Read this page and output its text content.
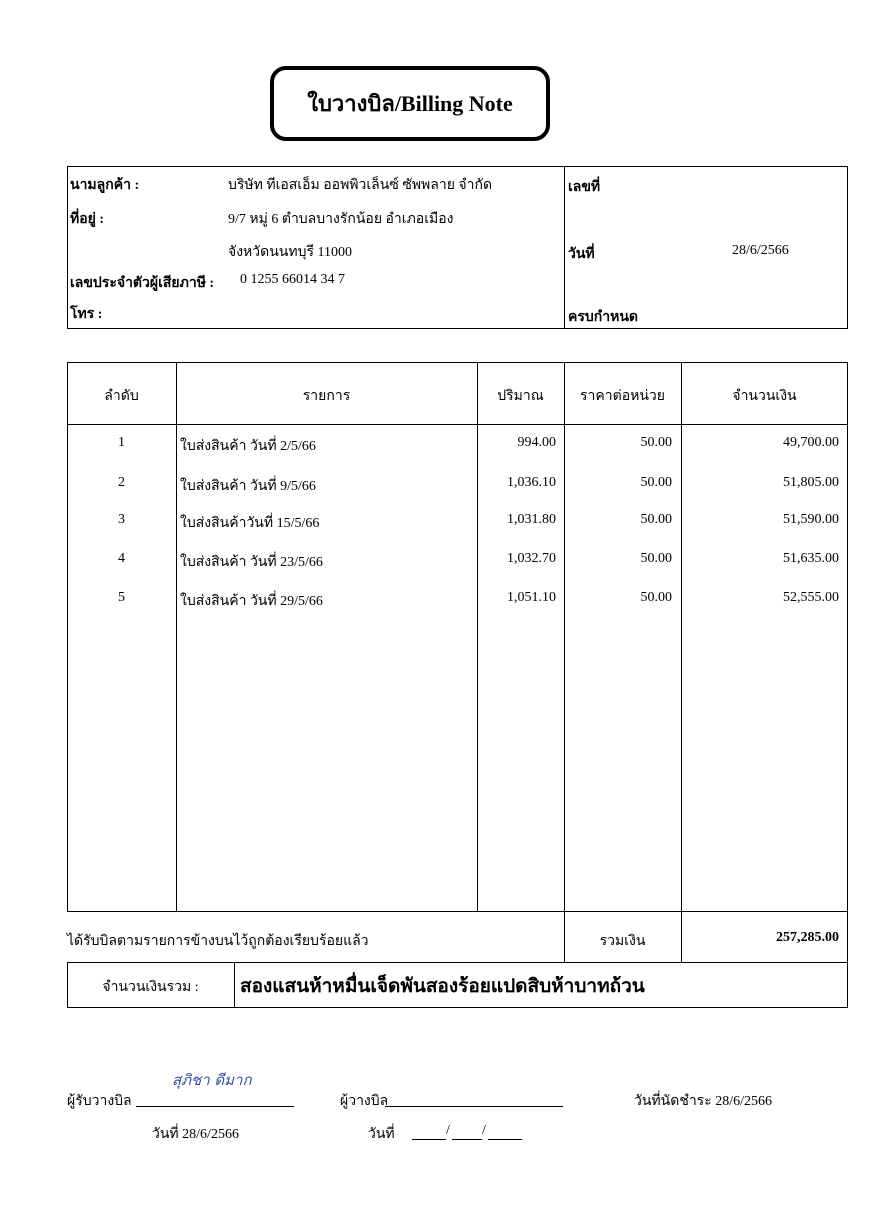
ใบวางบิล/Billing Note
นามลูกค้า :	บริษัท ทีเอสเอ็ม ออพพิวเล็นซ์ ซัพพลาย จำกัด
ที่อยู่ :	9/7 หมู่ 6 ตำบลบางรักน้อย อำเภอเมือง
จังหวัดนนทบุรี 11000
เลขประจำตัวผู้เสียภาษี : 0 1255 66014 34 7
โทร :
เลขที่
วันที่	28/6/2566
ครบกำหนด
ลำดับ	รายการ	ปริมาณ	ราคาต่อหน่วย	จำนวนเงิน
1	ใบส่งสินค้า วันที่ 2/5/66	994.00	50.00	49,700.00
2	ใบส่งสินค้า วันที่ 9/5/66	1,036.10	50.00	51,805.00
3	ใบส่งสินค้าวันที่ 15/5/66	1,031.80	50.00	51,590.00
4	ใบส่งสินค้า วันที่ 23/5/66	1,032.70	50.00	51,635.00
5	ใบส่งสินค้า วันที่ 29/5/66	1,051.10	50.00	52,555.00
ได้รับบิลตามรายการข้างบนไว้ถูกต้องเรียบร้อยแล้ว	รวมเงิน	257,285.00
จำนวนเงินรวม :	สองแสนห้าหมื่นเจ็ดพันสองร้อยแปดสิบห้าบาทถ้วน
สุภิชา ดีมาก
ผู้รับวางบิล
วันที่ 28/6/2566
ผู้วางบิล
วันที่	/ /
วันที่นัดชำระ 28/6/2566
